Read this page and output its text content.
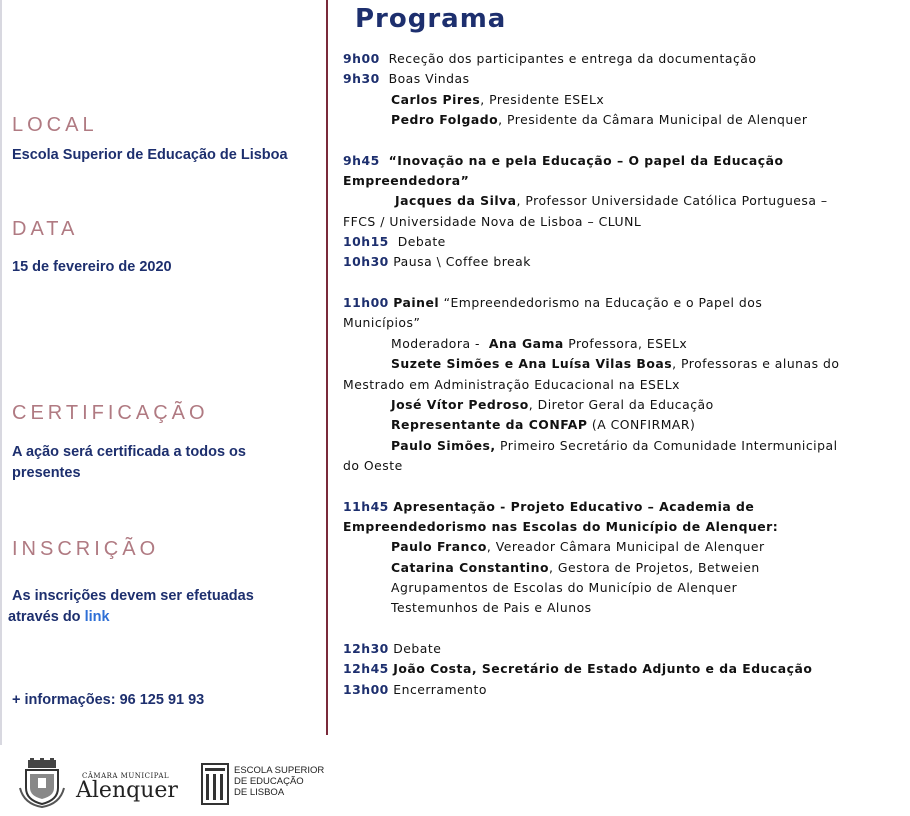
LOCAL
Escola Superior de Educação de Lisboa
DATA
15 de fevereiro de 2020
CERTIFICAÇÃO
A ação será certificada a todos os
presentes
INSCRIÇÃO
As inscrições devem ser efetuadas
através do link
+ informações: 96 125 91 93
Programa

9h00 Receção dos participantes e entrega da documentação

9h30 Boas Vindas

Carlos Pires, Presidente ESELx

Pedro Folgado, Presidente da Câmara Municipal de Alenquer

9h45 “Inovação na e pela Educação – O papel da Educação

Empreendedora”

Jacques da Silva, Professor Universidade Católica Portuguesa –

FFCS / Universidade Nova de Lisboa – CLUNL

10h15 Debate

10h30 Pausa \ Coffee break

11h00 Painel “Empreendedorismo na Educação e o Papel dos

Municípios”

Moderadora - Ana Gama Professora, ESELx

Suzete Simões e Ana Luísa Vilas Boas, Professoras e alunas do

Mestrado em Administração Educacional na ESELx

José Vítor Pedroso, Diretor Geral da Educação

Representante da CONFAP (A CONFIRMAR)

Paulo Simões, Primeiro Secretário da Comunidade Intermunicipal

do Oeste

11h45 Apresentação - Projeto Educativo – Academia de

Empreendedorismo nas Escolas do Município de Alenquer:

Paulo Franco, Vereador Câmara Municipal de Alenquer

Catarina Constantino, Gestora de Projetos, Betweien

Agrupamentos de Escolas do Município de Alenquer

Testemunhos de Pais e Alunos

12h30 Debate

12h45 João Costa, Secretário de Estado Adjunto e da Educação

13h00 Encerramento

CÂMARA MUNICIPAL
Alenquer
ESCOLA SUPERIOR
DE EDUCAÇÃO
DE LISBOA
